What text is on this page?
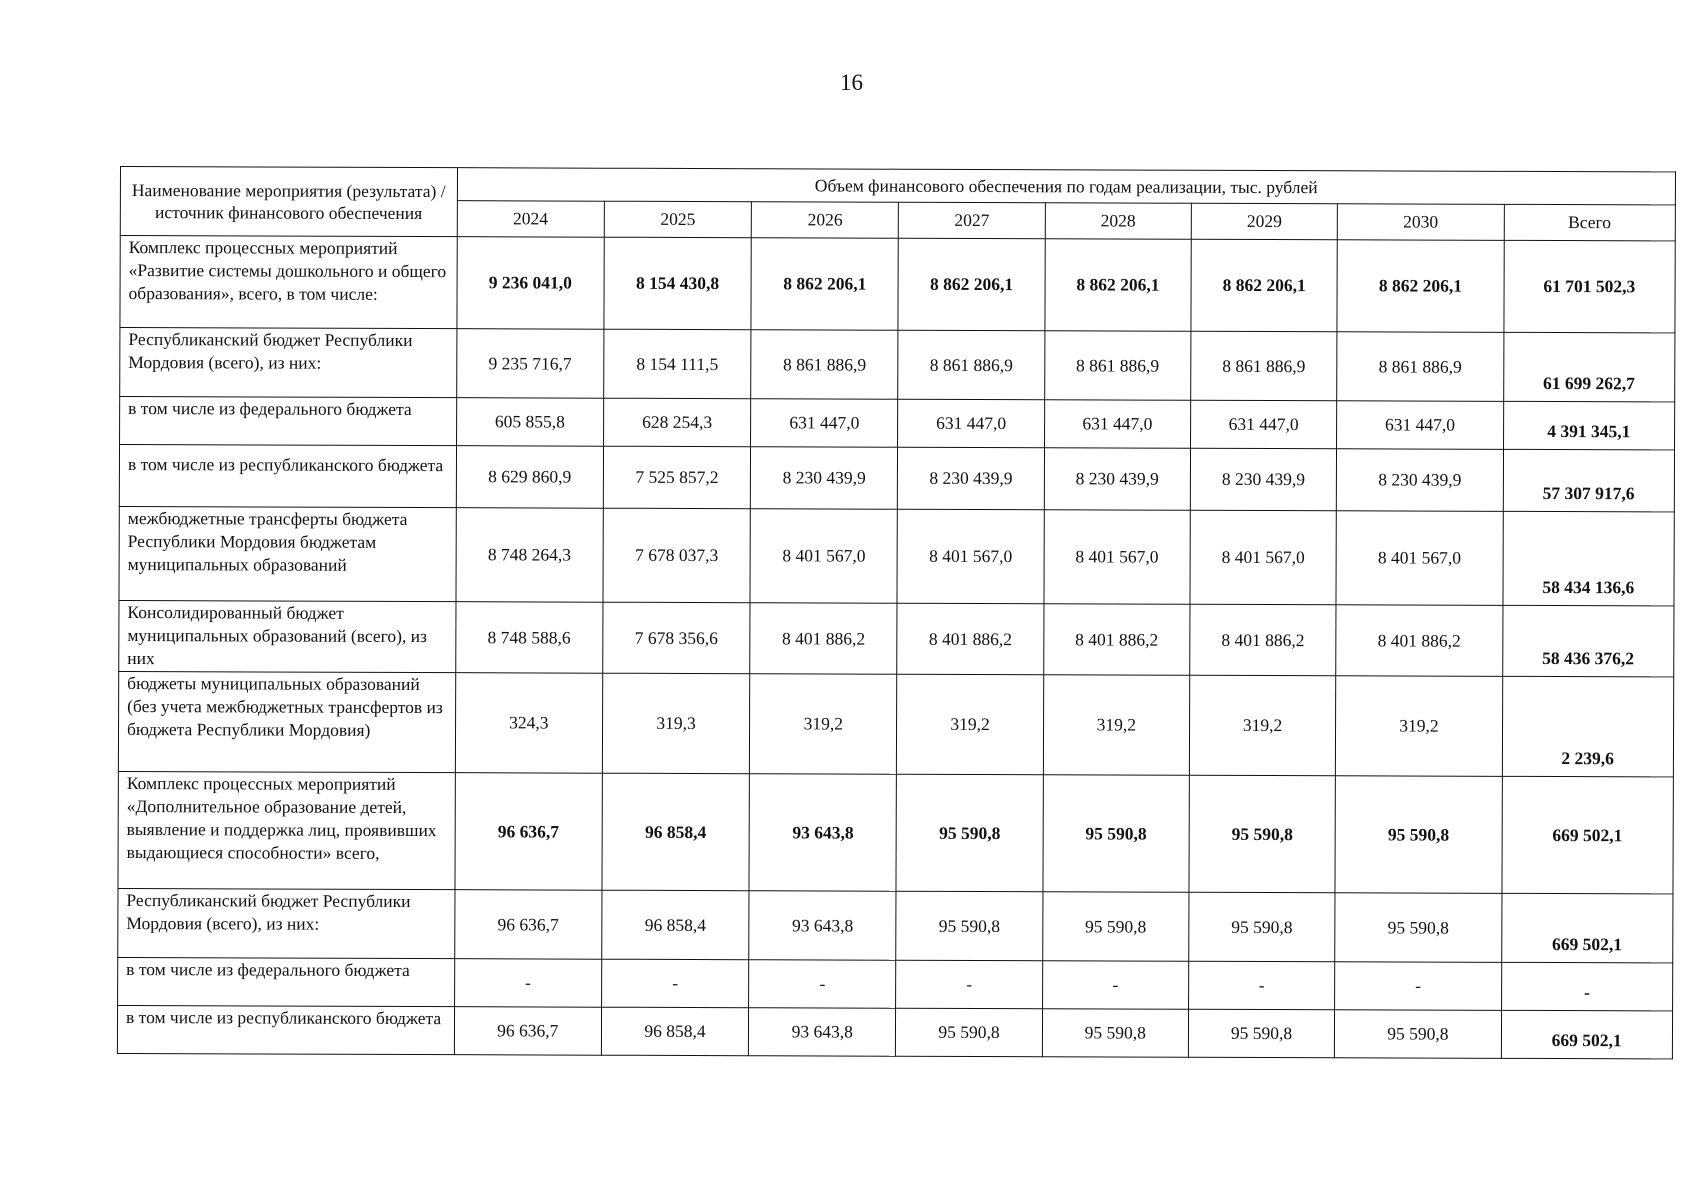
16
Наименование мероприятия (результата) / источник финансового обеспечения	Объем финансового обеспечения по годам реализации, тыс. рублей							
	2024	2025	2026	2027	2028	2029	2030	Всего
Комплекс процессных мероприятий «Развитие системы дошкольного и общего образования», всего, в том числе:	9 236 041,0	8 154 430,8	8 862 206,1	8 862 206,1	8 862 206,1	8 862 206,1	8 862 206,1	61 701 502,3
Республиканский бюджет Республики Мордовия (всего), из них:	9 235 716,7	8 154 111,5	8 861 886,9	8 861 886,9	8 861 886,9	8 861 886,9	8 861 886,9	61 699 262,7
в том числе из федерального бюджета	605 855,8	628 254,3	631 447,0	631 447,0	631 447,0	631 447,0	631 447,0	4 391 345,1
в том числе из республиканского бюджета	8 629 860,9	7 525 857,2	8 230 439,9	8 230 439,9	8 230 439,9	8 230 439,9	8 230 439,9	57 307 917,6
межбюджетные трансферты бюджета Республики Мордовия бюджетам муниципальных образований	8 748 264,3	7 678 037,3	8 401 567,0	8 401 567,0	8 401 567,0	8 401 567,0	8 401 567,0	58 434 136,6
Консолидированный бюджет муниципальных образований (всего), из них	8 748 588,6	7 678 356,6	8 401 886,2	8 401 886,2	8 401 886,2	8 401 886,2	8 401 886,2	58 436 376,2
бюджеты муниципальных образований (без учета межбюджетных трансфертов из бюджета Республики Мордовия)	324,3	319,3	319,2	319,2	319,2	319,2	319,2	2 239,6
Комплекс процессных мероприятий «Дополнительное образование детей, выявление и поддержка лиц, проявивших выдающиеся способности» всего,	96 636,7	96 858,4	93 643,8	95 590,8	95 590,8	95 590,8	95 590,8	669 502,1
Республиканский бюджет Республики Мордовия (всего), из них:	96 636,7	96 858,4	93 643,8	95 590,8	95 590,8	95 590,8	95 590,8	669 502,1
в том числе из федерального бюджета	-	-	-	-	-	-	-	-
в том числе из республиканского бюджета	96 636,7	96 858,4	93 643,8	95 590,8	95 590,8	95 590,8	95 590,8	669 502,1
